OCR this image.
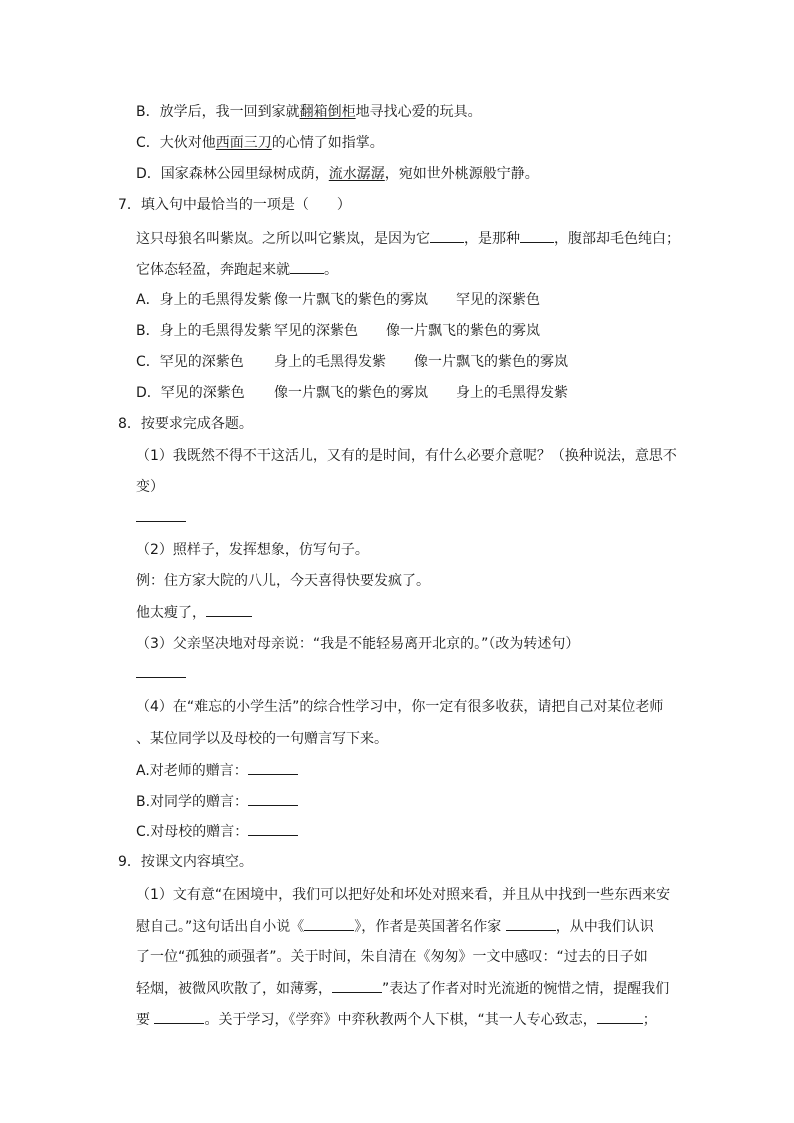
B．放学后，我一回到家就翻箱倒柜地寻找心爱的玩具。
C．大伙对他西面三刀的心情了如指掌。
D．国家森林公园里绿树成荫，流水潺潺，宛如世外桃源般宁静。
7．填入句中最恰当的一项是（　　）
这只母狼名叫紫岚。之所以叫它紫岚，是因为它 ，是那种 ，腹部却毛色纯白；
它体态轻盈，奔跑起来就 。
A．身上的毛黑得发紫 像一片飘飞的紫色的雾岚 罕见的深紫色
B．身上的毛黑得发紫 罕见的深紫色 像一片飘飞的紫色的雾岚
C．罕见的深紫色 身上的毛黑得发紫 像一片飘飞的紫色的雾岚
D．罕见的深紫色 像一片飘飞的紫色的雾岚 身上的毛黑得发紫
8．按要求完成各题。
（1）我既然不得不干这活儿，又有的是时间，有什么必要介意呢？（换种说法，意思不
变）
（2）照样子，发挥想象，仿写句子。
例：住方家大院的八儿，今天喜得快要发疯了。
他太瘦了，
（3）父亲坚决地对母亲说：“我是不能轻易离开北京的。”（改为转述句）
（4）在“难忘的小学生活”的综合性学习中，你一定有很多收获，请把自己对某位老师
、某位同学以及母校的一句赠言写下来。
A.对老师的赠言：
B.对同学的赠言：
C.对母校的赠言：
9．按课文内容填空。
（1）文有意“在困境中，我们可以把好处和坏处对照来看，并且从中找到一些东西来安
慰自己。”这句话出自小说《	》，作者是英国著名作家	，从中我们认识
了一位“孤独的顽强者”。关于时间，朱自清在《匆匆》一文中感叹：“过去的日子如
轻烟，被微风吹散了，如薄雾，	”表达了作者对时光流逝的惋惜之情，提醒我们
要	。关于学习，《学弈》中弈秋教两个人下棋，“其一人专心致志，	；
